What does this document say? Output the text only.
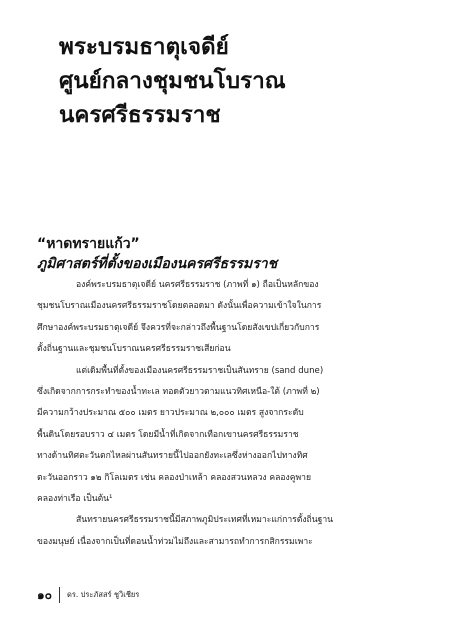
พระบรมธาตุเจดีย์
ศูนย์กลางชุมชนโบราณ
นครศรีธรรมราช
“หาดทรายแก้ว”
ภูมิศาสตร์ที่ตั้งของเมืองนครศรีธรรมราช
องค์พระบรมธาตุเจดีย์ นครศรีธรรมราช (ภาพที่ ๑) ถือเป็นหลักของ
ชุมชนโบราณเมืองนครศรีธรรมราชโดยตลอดมา ดังนั้นเพื่อความเข้าใจในการ
ศึกษาองค์พระบรมธาตุเจดีย์ จึงควรที่จะกล่าวถึงพื้นฐานโดยสังเขปเกี่ยวกับการ
ตั้งถิ่นฐานและชุมชนโบราณนครศรีธรรมราชเสียก่อน
แต่เดิมพื้นที่ตั้งของเมืองนครศรีธรรมราชเป็นสันทราย (sand dune)
ซึ่งเกิดจากการกระทำของน้ำทะเล ทอดตัวยาวตามแนวทิศเหนือ-ใต้ (ภาพที่ ๒)
มีความกว้างประมาณ ๕๐๐ เมตร ยาวประมาณ ๒,๐๐๐ เมตร สูงจากระดับ
พื้นดินโดยรอบราว ๔ เมตร โดยมีน้ำที่เกิดจากเทือกเขานครศรีธรรมราช
ทางด้านทิศตะวันตกไหลผ่านสันทรายนี้ไปออกยังทะเลซึ่งห่างออกไปทางทิศ
ตะวันออกราว ๑๒ กิโลเมตร เช่น คลองป่าเหล้า คลองสวนหลวง คลองคูพาย
คลองท่าเรือ เป็นต้น¹
สันทรายนครศรีธรรมราชนี้มีสภาพภูมิประเทศที่เหมาะแก่การตั้งถิ่นฐาน
ของมนุษย์ เนื่องจากเป็นที่ดอนน้ำท่วมไม่ถึงและสามารถทำการกสิกรรมเพาะ
๑๐ ดร. ประภัสสร์ ชูวิเชียร
